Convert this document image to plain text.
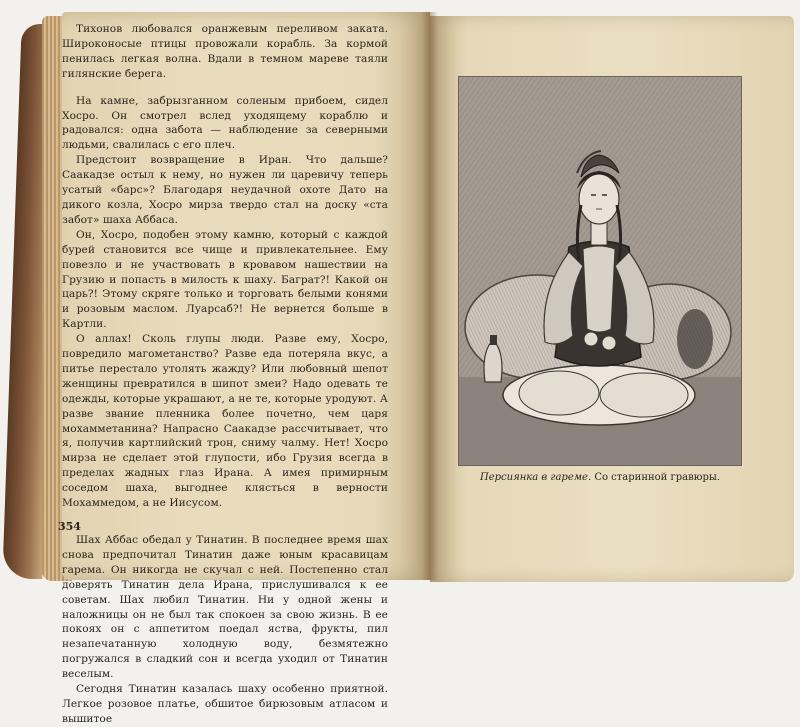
Тихонов любовался оранжевым переливом заката. Широконосые птицы провожали корабль. За кормой пенилась легкая волна. Вдали в темном мареве таяли гилянские берега.

На камне, забрызганном соленым прибоем, сидел Хосро. Он смотрел вслед уходящему кораблю и радовался: одна забота — наблюдение за северными людьми, свалилась с его плеч.

Предстоит возвращение в Иран. Что дальше? Саакадзе остыл к нему, но нужен ли царевичу теперь усатый «барс»? Благодаря неудачной охоте Дато на дикого козла, Хосро мирза твердо стал на доску «ста забот» шаха Аббаса.

Он, Хосро, подобен этому камню, который с каждой бурей становится все чище и привлекательнее. Ему повезло и не участвовать в кровавом нашествии на Грузию и попасть в милость к шаху. Баграт?! Какой он царь?! Этому скряге только и торговать белыми конями и розовым маслом. Луарсаб?! Не вернется больше в Картли.

О аллах! Сколь глупы люди. Разве ему, Хосро, повредило магометанство? Разве еда потеряла вкус, а питье перестало утолять жажду? Или любовный шепот женщины превратился в шипот змеи? Надо одевать те одежды, которые украшают, а не те, которые уродуют. А разве звание пленника более почетно, чем царя мохамметанина? Напрасно Саакадзе рассчитывает, что я, получив картлийский трон, сниму чалму. Нет! Хосро мирза не сделает этой глупости, ибо Грузия всегда в пределах жадных глаз Ирана. А имея примирным соседом шаха, выгоднее клясться в верности Мохаммедом, а не Иисусом.

Шах Аббас обедал у Тинатин. В последнее время шах снова предпочитал Тинатин даже юным красавицам гарема. Он никогда не скучал с ней. Постепенно стал доверять Тинатин дела Ирана, прислушивался к ее советам. Шах любил Тинатин. Ни у одной жены и наложницы он не был так спокоен за свою жизнь. В ее покоях он с аппетитом поедал яства, фрукты, пил незапечатанную холодную воду, безмятежно погружался в сладкий сон и всегда уходил от Тинатин веселым.

Сегодня Тинатин казалась шаху особенно приятной. Легкое розовое платье, обшитое бирюзовым атласом и вышитое

354
Персиянка в гареме. Со старинной гравюры.
